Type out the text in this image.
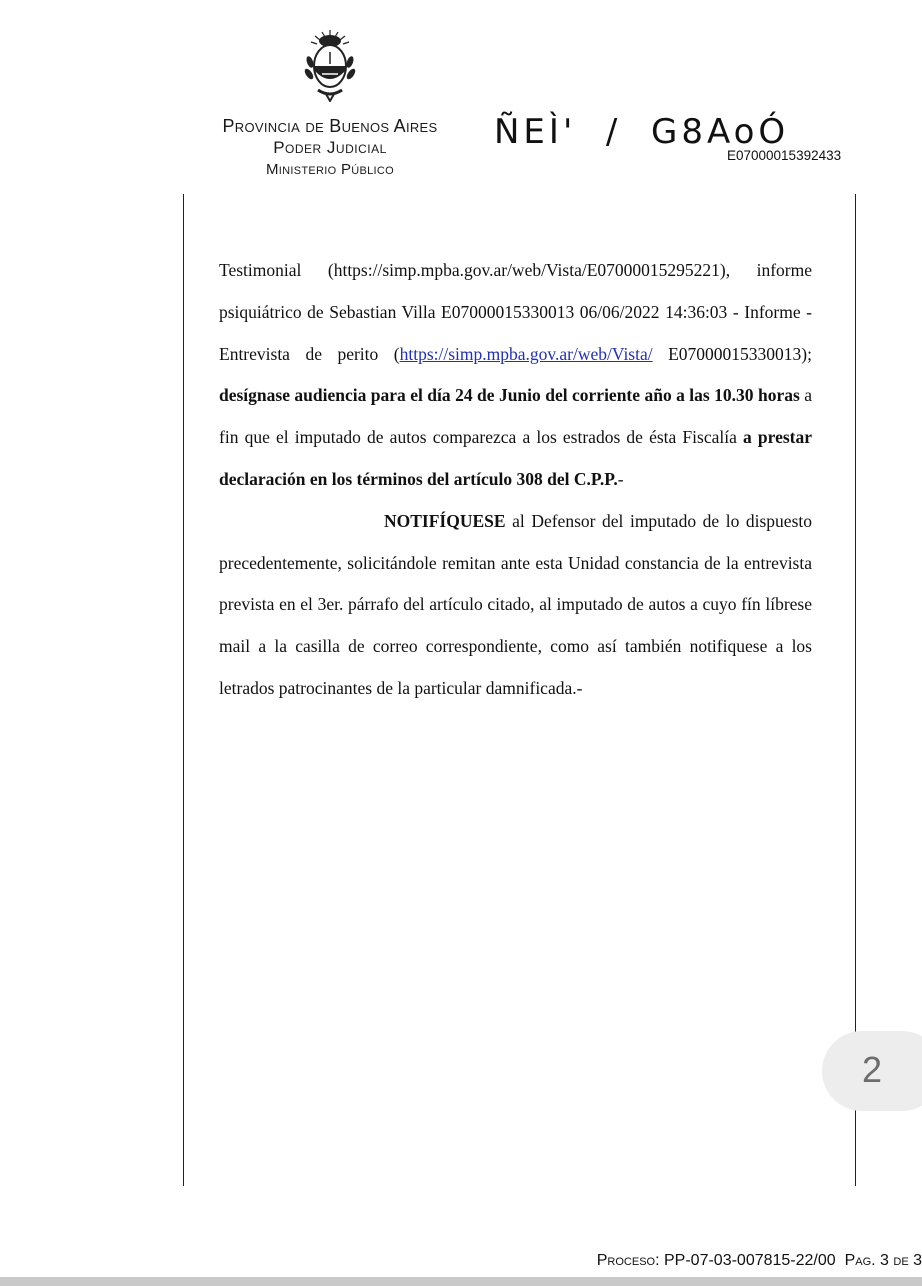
Provincia de Buenos Aires
Poder Judicial
Ministerio Público
ÑEÌ'  /  G8AoÓ
E07000015392433

Testimonial (https://simp.mpba.gov.ar/web/Vista/E07000015295221), informe psiquiátrico de Sebastian Villa E07000015330013 06/06/2022 14:36:03 - Informe - Entrevista de perito (https://simp.mpba.gov.ar/web/Vista/ E07000015330013); desígnase audiencia para el día 24 de Junio del corriente año a las 10.30 horas a fin que el imputado de autos comparezca a los estrados de ésta Fiscalía a prestar declaración en los términos del artículo 308 del C.P.P.-

NOTIFÍQUESE al Defensor del imputado de lo dispuesto precedentemente, solicitándole remitan ante esta Unidad constancia de la entrevista prevista en el 3er. párrafo del artículo citado, al imputado de autos a cuyo fín líbrese mail a la casilla de correo correspondiente, como así también notifiquese a los letrados patrocinantes de la particular damnificada.-

2
Proceso: PP-07-03-007815-22/00 Pag. 3 de 3
